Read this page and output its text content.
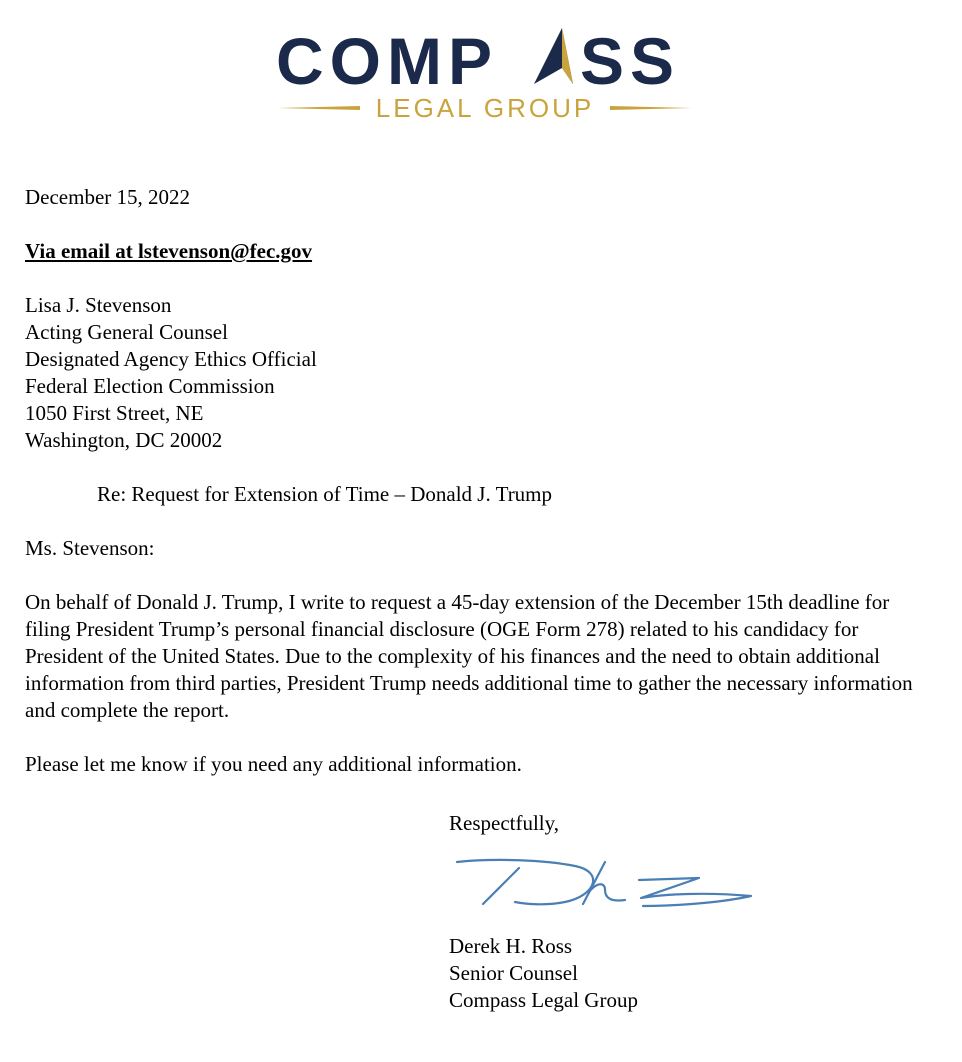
COMP SS
LEGAL GROUP
December 15, 2022
Via email at lstevenson@fec.gov
Lisa J. Stevenson
Acting General Counsel
Designated Agency Ethics Official
Federal Election Commission
1050 First Street, NE
Washington, DC 20002
Re: Request for Extension of Time – Donald J. Trump
Ms. Stevenson:
On behalf of Donald J. Trump, I write to request a 45-day extension of the December 15th deadline for filing President Trump’s personal financial disclosure (OGE Form 278) related to his candidacy for President of the United States. Due to the complexity of his finances and the need to obtain additional information from third parties, President Trump needs additional time to gather the necessary information and complete the report.
Please let me know if you need any additional information.
Respectfully,
Derek H. Ross
Senior Counsel
Compass Legal Group
